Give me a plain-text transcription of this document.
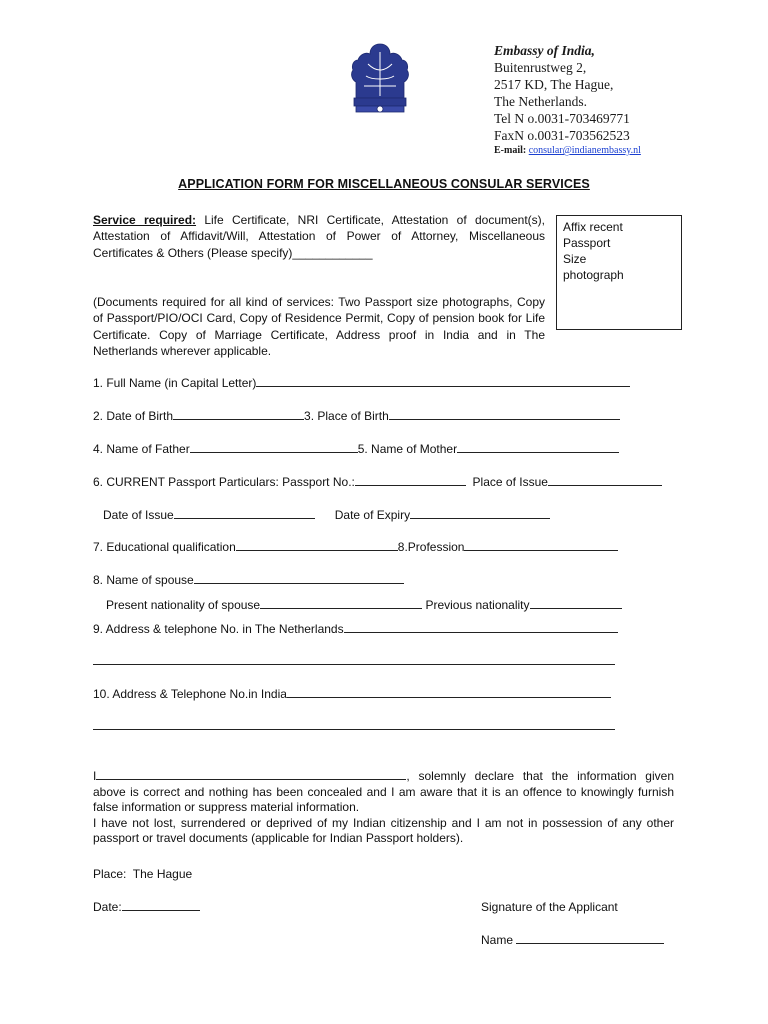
Embassy of India,
Buitenrustweg 2,
2517 KD, The Hague,
The Netherlands.
Tel N o.0031-703469771
FaxN o.0031-703562523
E-mail: consular@indianembassy.nl
APPLICATION FORM FOR MISCELLANEOUS CONSULAR SERVICES
Service required: Life Certificate, NRI Certificate, Attestation of document(s), Attestation of Affidavit/Will, Attestation of Power of Attorney, Miscellaneous Certificates & Others (Please specify)____________
Affix recent
Passport
Size
photograph
(Documents required for all kind of services: Two Passport size photographs, Copy of Passport/PIO/OCI Card, Copy of Residence Permit, Copy of pension book for Life Certificate. Copy of Marriage Certificate, Address proof in India and in The Netherlands wherever applicable.
1. Full Name (in Capital Letter)
2. Date of Birth	3. Place of Birth
4. Name of Father	5. Name of Mother
6. CURRENT Passport Particulars: Passport No.:	Place of Issue
Date of Issue	Date of Expiry
7. Educational qualification	8.Profession
8. Name of spouse
Present nationality of spouse	Previous nationality
9. Address & telephone No. in The Netherlands
10. Address & Telephone No.in India
I	, solemnly declare that the information given above is correct and nothing has been concealed and I am aware that it is an offence to knowingly furnish false information or suppress material information.
I have not lost, surrendered or deprived of my Indian citizenship and I am not in possession of any other passport or travel documents (applicable for Indian Passport holders).
Place:  The Hague
Date:	Signature of the Applicant
Name
